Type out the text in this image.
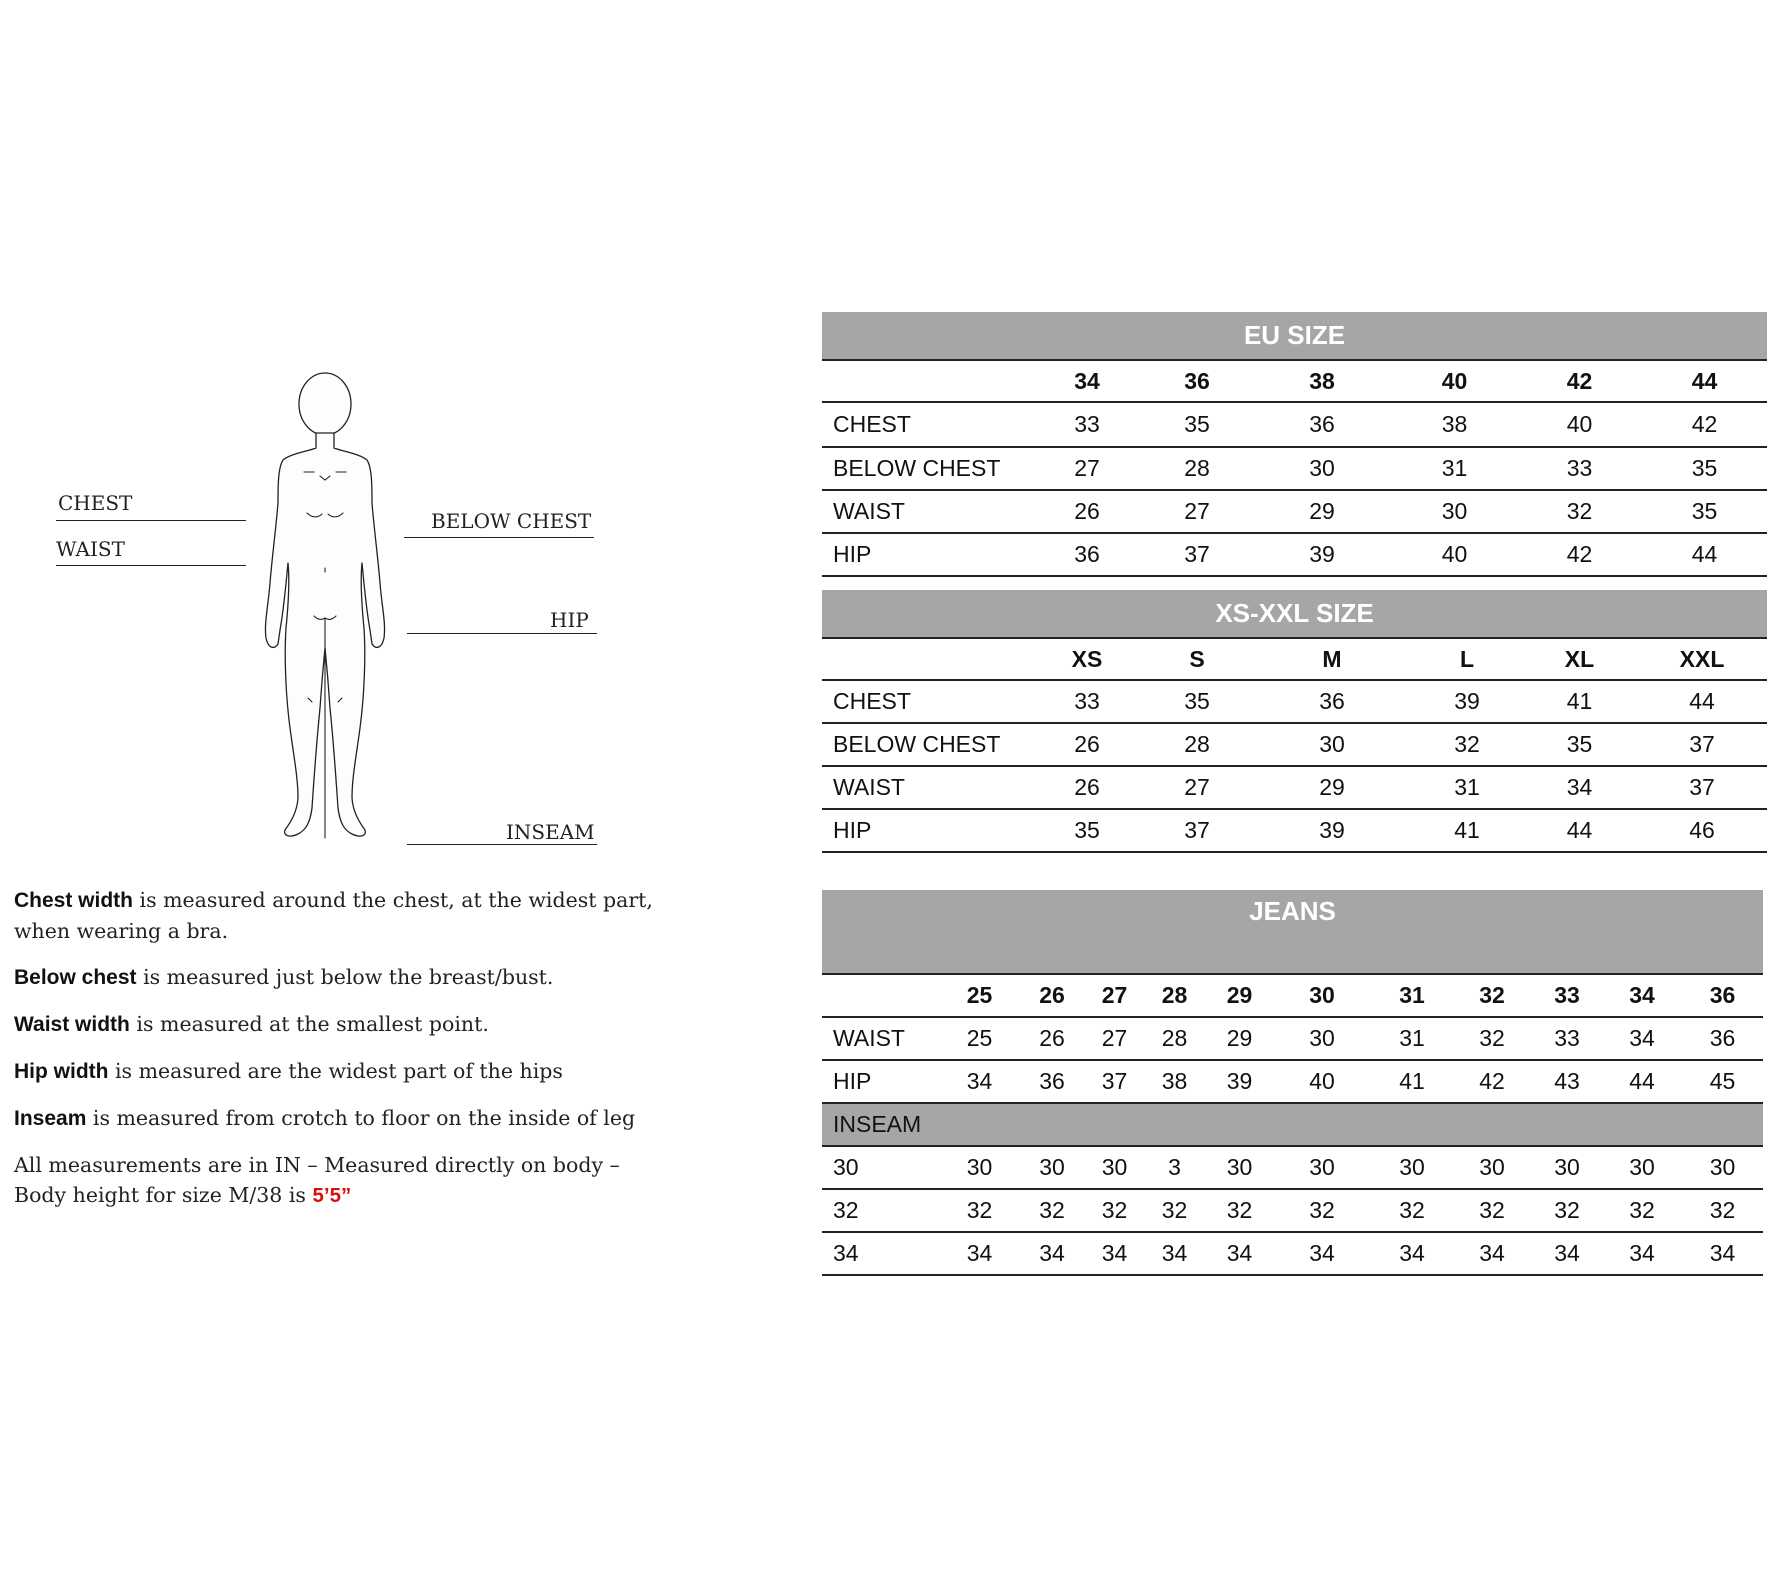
CHEST
WAIST
BELOW CHEST
HIP
INSEAM

Chest width is measured around the chest, at the widest part, when wearing a bra.

Below chest is measured just below the breast/bust.

Waist width is measured at the smallest point.

Hip width is measured are the widest part of the hips

Inseam is measured from crotch to floor on the inside of leg

All measurements are in IN – Measured directly on body – Body height for size M/38 is 5’5”

EU SIZE						
	34	36	38	40	42	44
CHEST	33	35	36	38	40	42
BELOW CHEST	27	28	30	31	33	35
WAIST	26	27	29	30	32	35
HIP	36	37	39	40	42	44
XS-XXL SIZE						
	XS	S	M	L	XL	XXL
CHEST	33	35	36	39	41	44
BELOW CHEST	26	28	30	32	35	37
WAIST	26	27	29	31	34	37
HIP	35	37	39	41	44	46
JEANS											
	25	26	27	28	29	30	31	32	33	34	36
WAIST	25	26	27	28	29	30	31	32	33	34	36
HIP	34	36	37	38	39	40	41	42	43	44	45
INSEAM											
30	30	30	30	3	30	30	30	30	30	30	30
32	32	32	32	32	32	32	32	32	32	32	32
34	34	34	34	34	34	34	34	34	34	34	34
